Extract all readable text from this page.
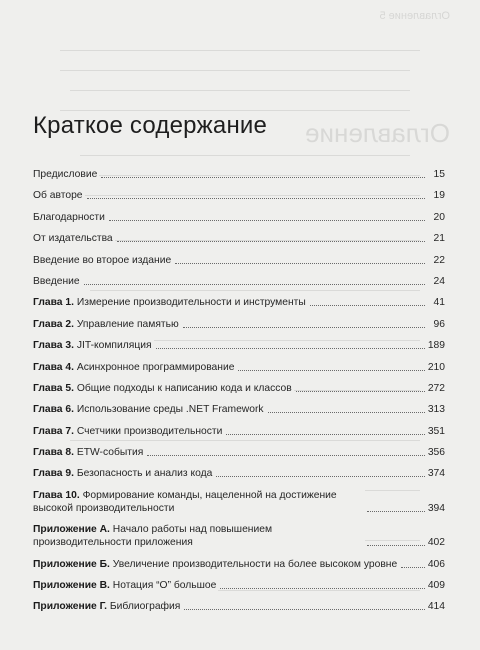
Оглавление 5
Оглавление
Краткое содержание
Предисловие	15
Об авторе	19
Благодарности	20
От издательства	21
Введение во второе издание	22
Введение	24
Глава 1. Измерение производительности и инструменты	41
Глава 2. Управление памятью	96
Глава 3. JIT-компиляция	189
Глава 4. Асинхронное программирование	210
Глава 5. Общие подходы к написанию кода и классов	272
Глава 6. Использование среды .NET Framework	313
Глава 7. Счетчики производительности	351
Глава 8. ETW-события	356
Глава 9. Безопасность и анализ кода	374
Глава 10. Формирование команды, нацеленной на достижение высокой производительности	394
Приложение А. Начало работы над повышением производительности приложения	402
Приложение Б. Увеличение производительности на более высоком уровне	406
Приложение В. Нотация “O” большое	409
Приложение Г. Библиография	414
